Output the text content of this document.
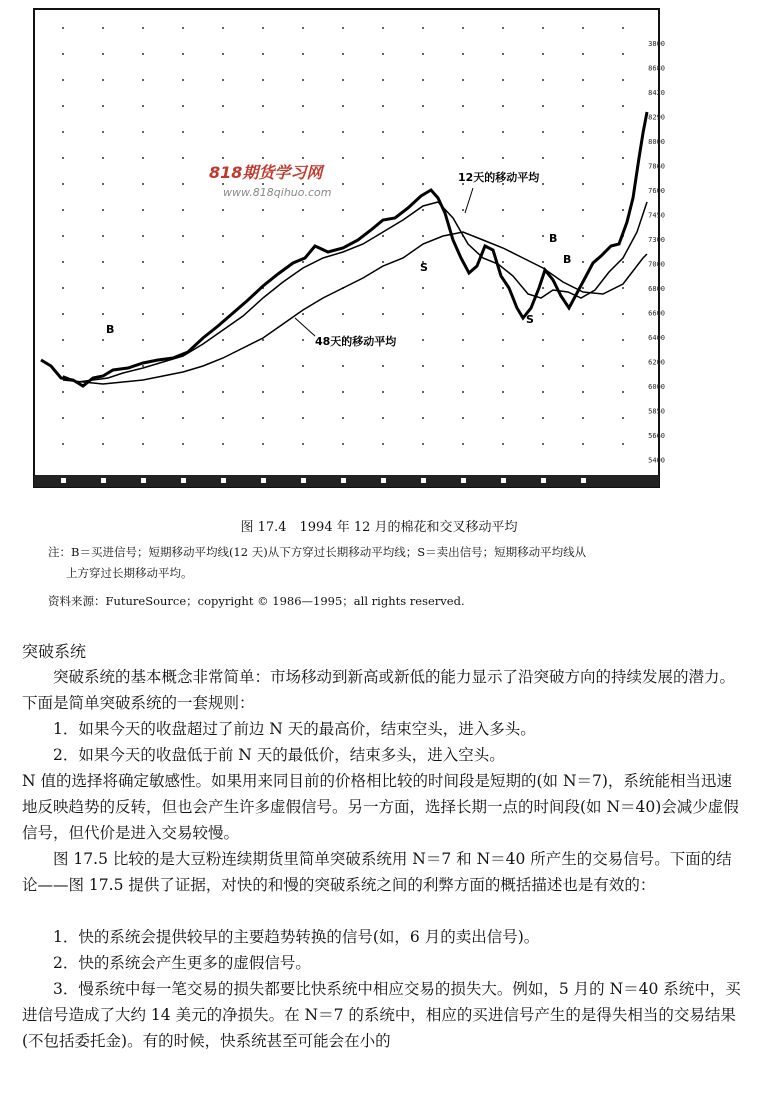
3800
8680
8420
8290
8000
7860
7600
7450
7300
7000
6800
6600
6400
6200
6000
5850
5660
5400
12天的移动平均
48天的移动平均
B
S
S
B
B
818期货学习网
www.818qihuo.com
图 17.4　1994 年 12 月的棉花和交叉移动平均
注：B＝买进信号；短期移动平均线(12 天)从下方穿过长期移动平均线；S＝卖出信号；短期移动平均线从
上方穿过长期移动平均。
资料来源：FutureSource；copyright © 1986—1995；all rights reserved.
突破系统
突破系统的基本概念非常简单：市场移动到新高或新低的能力显示了沿突破方向的持续发展的潜力。下面是简单突破系统的一套规则：
1．如果今天的收盘超过了前边 N 天的最高价，结束空头，进入多头。
2．如果今天的收盘低于前 N 天的最低价，结束多头，进入空头。
N 值的选择将确定敏感性。如果用来同目前的价格相比较的时间段是短期的(如 N＝7)，系统能相当迅速地反映趋势的反转，但也会产生许多虚假信号。另一方面，选择长期一点的时间段(如 N＝40)会减少虚假信号，但代价是进入交易较慢。
图 17.5 比较的是大豆粉连续期货里简单突破系统用 N＝7 和 N＝40 所产生的交易信号。下面的结论——图 17.5 提供了证据，对快的和慢的突破系统之间的利弊方面的概括描述也是有效的：
1．快的系统会提供较早的主要趋势转换的信号(如，6 月的卖出信号)。
2．快的系统会产生更多的虚假信号。
3．慢系统中每一笔交易的损失都要比快系统中相应交易的损失大。例如，5 月的 N＝40 系统中，买进信号造成了大约 14 美元的净损失。在 N＝7 的系统中，相应的买进信号产生的是得失相当的交易结果(不包括委托金)。有的时候，快系统甚至可能会在小的
